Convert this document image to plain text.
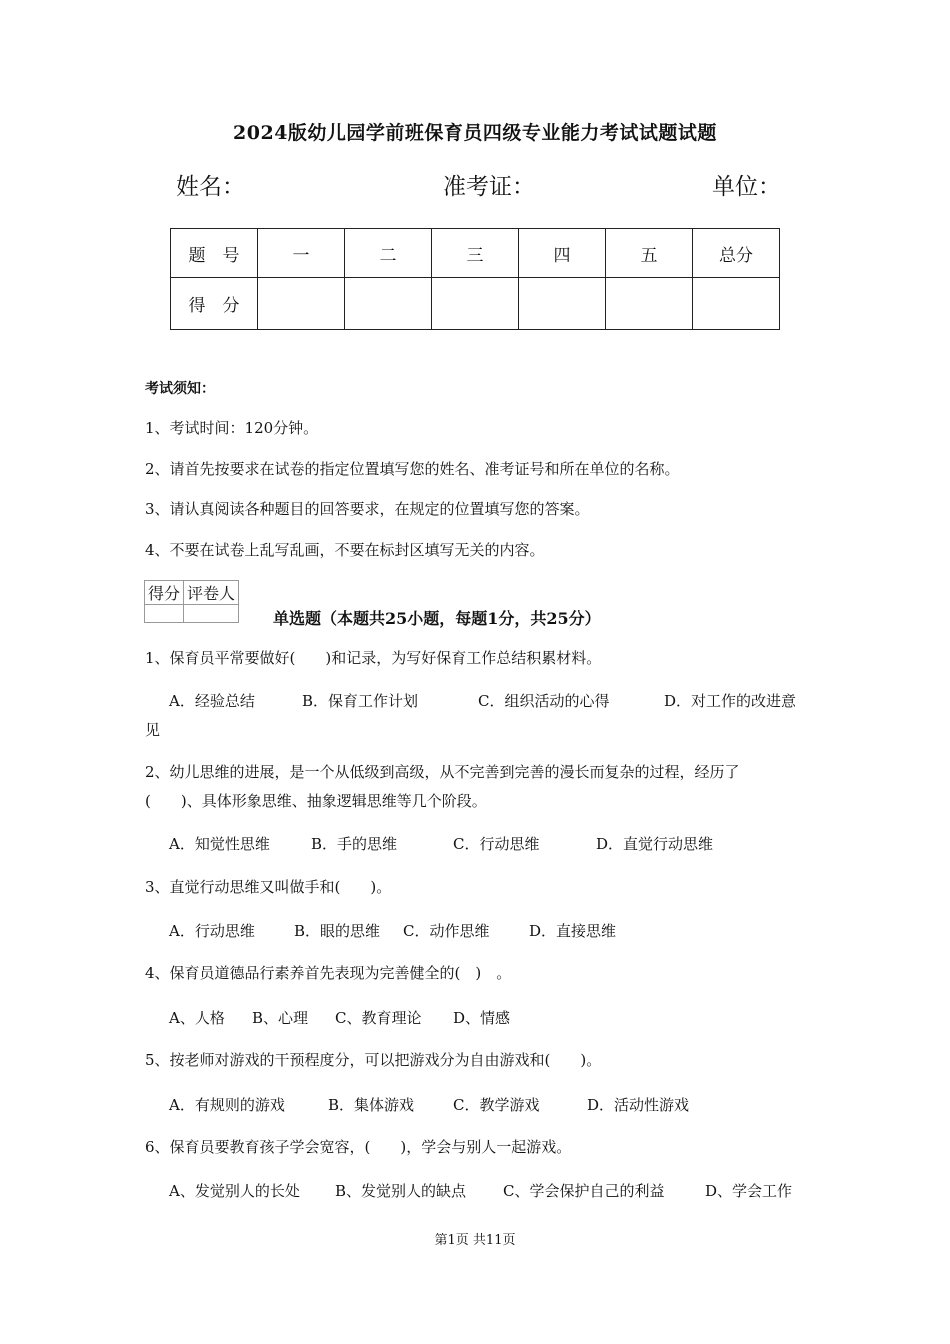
2024版幼儿园学前班保育员四级专业能力考试试题试题
姓名：	准考证：	单位：
题　号	一	二	三	四	五	总分
得　分						
考试须知：
1、考试时间：120分钟。
2、请首先按要求在试卷的指定位置填写您的姓名、准考证号和所在单位的名称。
3、请认真阅读各种题目的回答要求，在规定的位置填写您的答案。
4、不要在试卷上乱写乱画，不要在标封区填写无关的内容。
得分	评卷人

单选题（本题共25小题，每题1分，共25分）
1、保育员平常要做好(　　)和记录，为写好保育工作总结积累材料。
A．经验总结	B．保育工作计划	C．组织活动的心得	D．对工作的改进意
见
2、幼儿思维的进展，是一个从低级到高级，从不完善到完善的漫长而复杂的过程，经历了
(　　)、具体形象思维、抽象逻辑思维等几个阶段。
A．知觉性思维	B．手的思维	C．行动思维	D．直觉行动思维
3、直觉行动思维又叫做手和(　　)。
A．行动思维	B．眼的思维 C．动作思维	D．直接思维
4、保育员道德品行素养首先表现为完善健全的(　)　。
A、人格 B、心理 C、教育理论 D、情感
5、按老师对游戏的干预程度分，可以把游戏分为自由游戏和(　　)。
A．有规则的游戏	B．集体游戏	C．教学游戏	D．活动性游戏
6、保育员要教育孩子学会宽容，(　　)，学会与别人一起游戏。
A、发觉别人的长处 B、发觉别人的缺点 C、学会保护自己的利益	D、学会工作
第1页 共11页
